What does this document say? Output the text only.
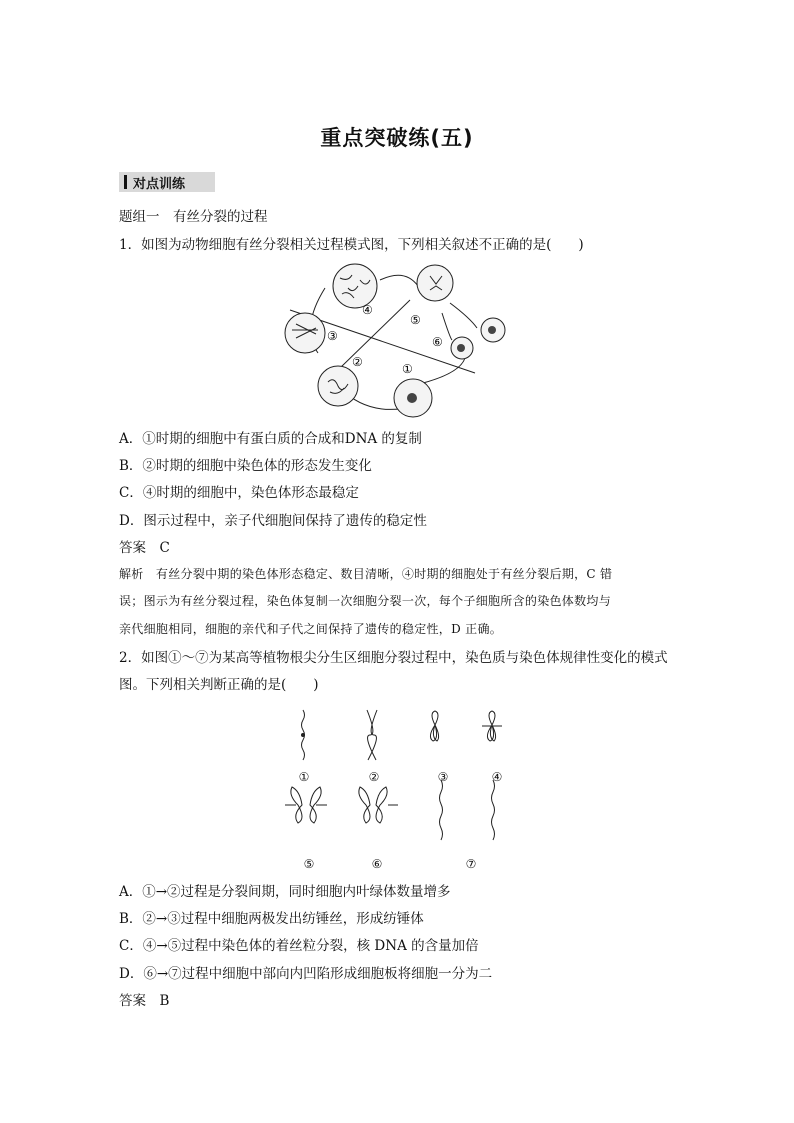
重点突破练(五)
对点训练
题组一　有丝分裂的过程
1．如图为动物细胞有丝分裂相关过程模式图，下列相关叙述不正确的是(　　)
④
③
②
⑤
⑥
①
A．①时期的细胞中有蛋白质的合成和DNA 的复制
B．②时期的细胞中染色体的形态发生变化
C．④时期的细胞中，染色体形态最稳定
D．图示过程中，亲子代细胞间保持了遗传的稳定性
答案　 C
解析　 有丝分裂中期的染色体形态稳定、数目清晰，④时期的细胞处于有丝分裂后期，C 错
误；图示为有丝分裂过程，染色体复制一次细胞分裂一次，每个子细胞所含的染色体数均与
亲代细胞相同，细胞的亲代和子代之间保持了遗传的稳定性，D 正确。
2．如图①～⑦为某高等植物根尖分生区细胞分裂过程中，染色质与染色体规律性变化的模式
图。下列相关判断正确的是(　　)
①	②	③	④
⑤	⑥	⑦
A．①→②过程是分裂间期，同时细胞内叶绿体数量增多
B．②→③过程中细胞两极发出纺锤丝，形成纺锤体
C．④→⑤过程中染色体的着丝粒分裂，核 DNA 的含量加倍
D．⑥→⑦过程中细胞中部向内凹陷形成细胞板将细胞一分为二
答案　 B
